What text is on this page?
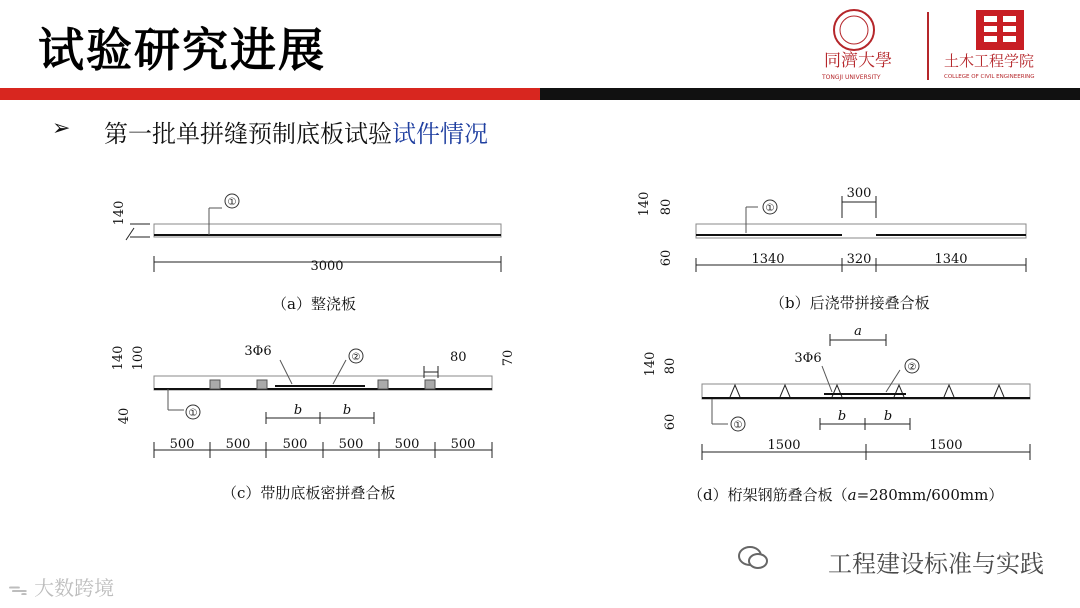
试验研究进展	同濟大學
TONGJI UNIVERSITY
土木工程学院
COLLEGE OF CIVIL ENGINEERING
➢ 第一批单拼缝预制底板试验试件情况
①
140
3000
①
300
140 80
60	1340	320	1340
3Φ6	②
①
80
140 100
40
70
b	b
500 500 500 500 500 500
a
3Φ6
②
①
140 80
60	b	b
1500	1500
（a）整浇板	（b）后浇带拼接叠合板
（c）带肋底板密拼叠合板	（d）桁架钢筋叠合板（a=280mm/600mm）
ᯓ 大数跨境
工程建设标准与实践
